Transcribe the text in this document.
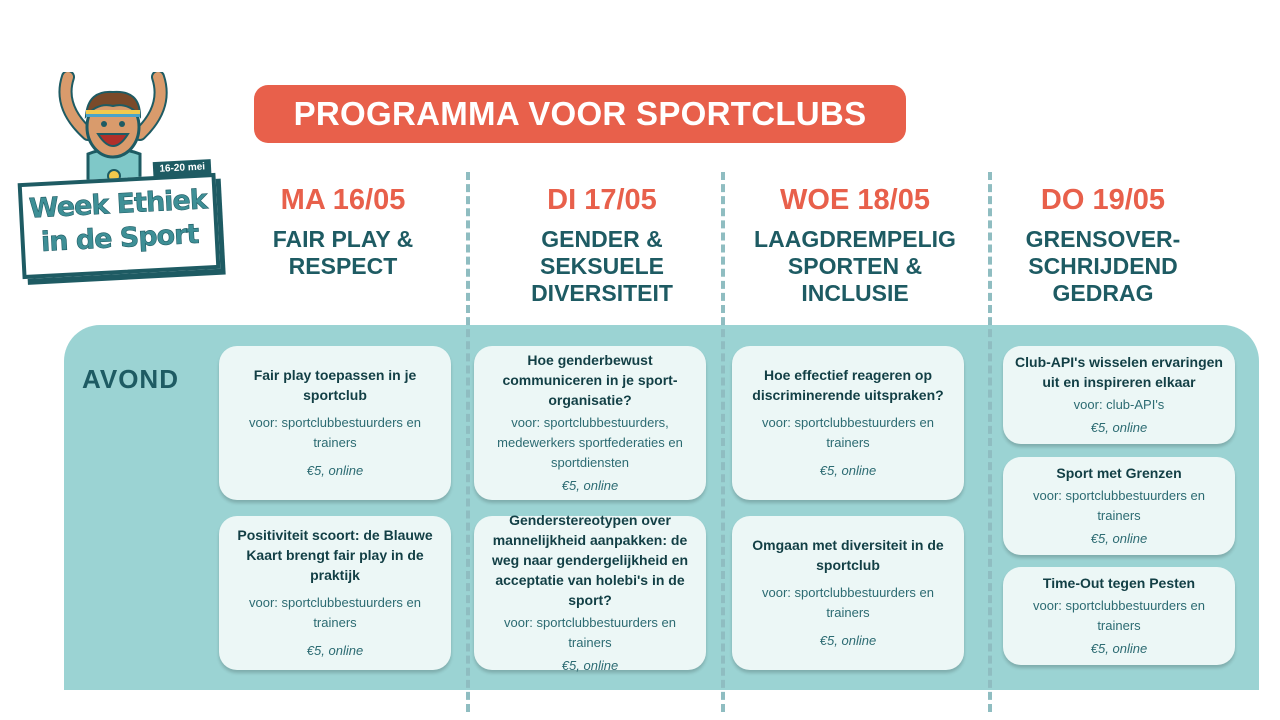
16-20 mei
Week Ethiek
in de Sport
PROGRAMMA VOOR SPORTCLUBS
MA 16/05
FAIR PLAY & RESPECT
DI 17/05
GENDER & SEKSUELE DIVERSITEIT
WOE 18/05
LAAGDREMPELIG SPORTEN & INCLUSIE
DO 19/05
GRENSOVER-SCHRIJDEND GEDRAG
AVOND	Fair play toepassen in je sportclub
voor: sportclubbestuurders en trainers
€5, online
Positiviteit scoort: de Blauwe Kaart brengt fair play in de praktijk
voor: sportclubbestuurders en trainers
€5, online
Hoe genderbewust communiceren in je sport-organisatie?
voor: sportclubbestuurders, medewerkers sportfederaties en sportdiensten
€5, online
Genderstereotypen over mannelijkheid aanpakken: de weg naar gendergelijkheid en acceptatie van holebi's in de sport?
voor: sportclubbestuurders en trainers
€5, online
Hoe effectief reageren op discriminerende uitspraken?
voor: sportclubbestuurders en trainers
€5, online
Omgaan met diversiteit in de sportclub
voor: sportclubbestuurders en trainers
€5, online
Club-API's wisselen ervaringen uit en inspireren elkaar
voor: club-API's
€5, online
Sport met Grenzen
voor: sportclubbestuurders en trainers
€5, online
Time-Out tegen Pesten
voor: sportclubbestuurders en trainers
€5, online
